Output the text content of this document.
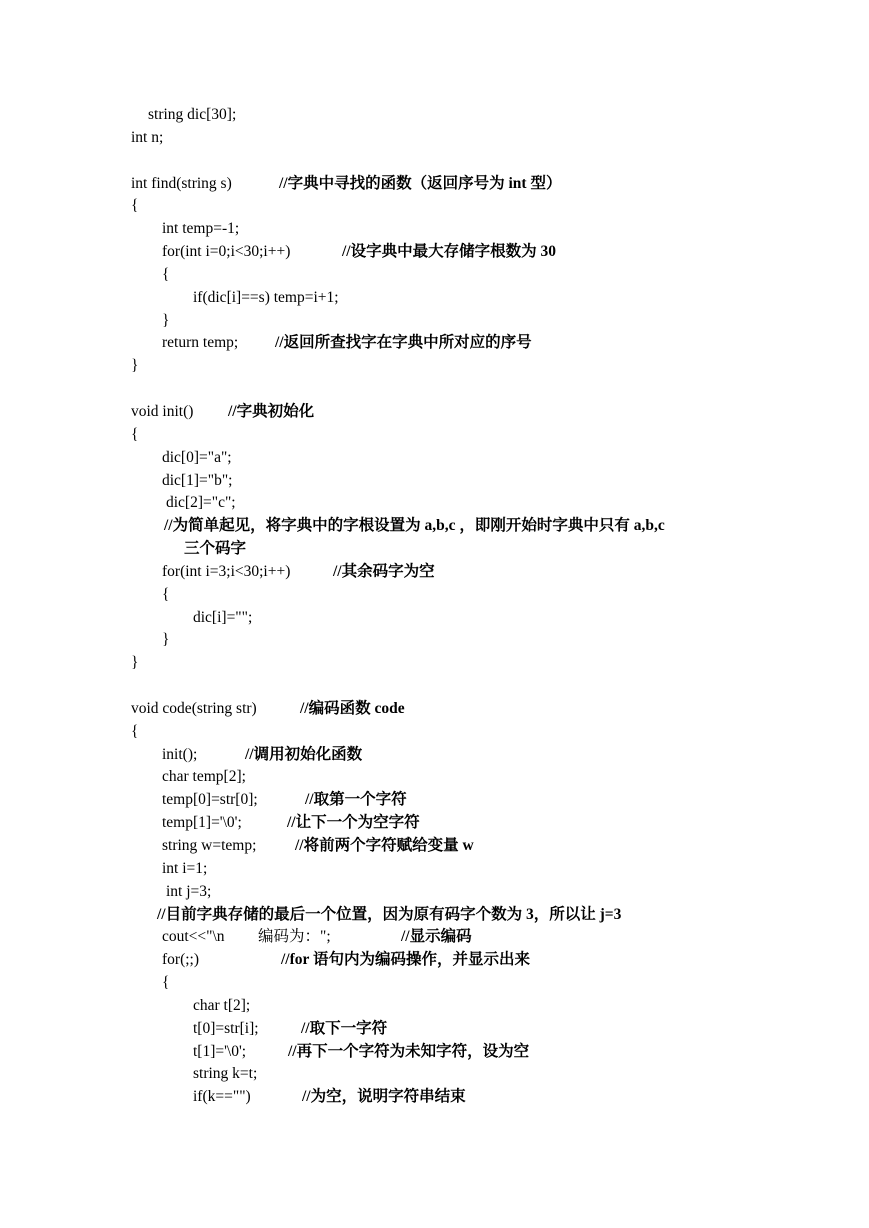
string dic[30];
int n;
int find(string s)	//字典中寻找的函数（返回序号为 int 型）
{
int temp=-1;
for(int i=0;i<30;i++)	//设字典中最大存储字根数为 30
{
if(dic[i]==s) temp=i+1;
}
return temp; //返回所查找字在字典中所对应的序号
}
void init() //字典初始化
{
dic[0]="a";
dic[1]="b";
dic[2]="c";
//为简单起见，将字典中的字根设置为 a,b,c ，即刚开始时字典中只有 a,b,c
三个码字
for(int i=3;i<30;i++)	//其余码字为空
{
dic[i]="";
}
}
void code(string str)	//编码函数 code
{
init();	//调用初始化函数
char temp[2];
temp[0]=str[0];	//取第一个字符
temp[1]='\0';	//让下一个为空字符
string w=temp; //将前两个字符赋给变量 w
int i=1;
int j=3;
//目前字典存储的最后一个位置，因为原有码字个数为 3，所以让 j=3
cout<<"\n 编码为：";	//显示编码
for(;;)	//for 语句内为编码操作，并显示出来
{
char t[2];
t[0]=str[i];	//取下一字符
t[1]='\0';	//再下一个字符为未知字符，设为空
string k=t;
if(k=="")	//为空，说明字符串结束
